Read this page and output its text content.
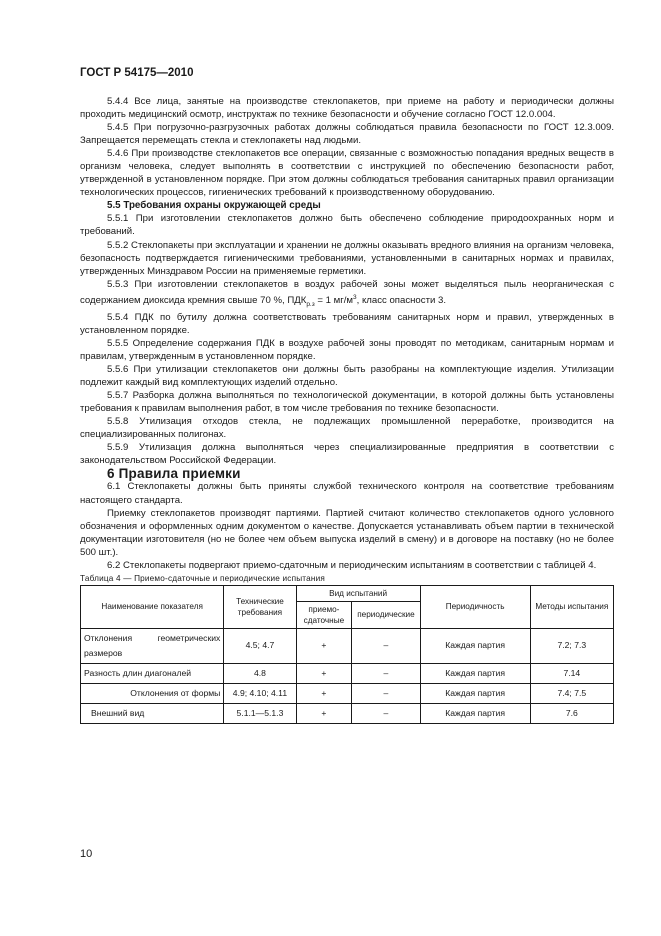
ГОСТ Р 54175—2010

5.4.4 Все лица, занятые на производстве стеклопакетов, при приеме на работу и периодически должны проходить медицинский осмотр, инструктаж по технике безопасности и обучение согласно ГОСТ 12.0.004.

5.4.5 При погрузочно-разгрузочных работах должны соблюдаться правила безопасности по ГОСТ 12.3.009. Запрещается перемещать стекла и стеклопакеты над людьми.

5.4.6 При производстве стеклопакетов все операции, связанные с возможностью попадания вредных веществ в организм человека, следует выполнять в соответствии с инструкцией по обеспечению безопасности работ, утвержденной в установленном порядке. При этом должны соблюдаться требования санитарных правил организации технологических процессов, гигиенических требований к производственному оборудованию.

5.5 Требования охраны окружающей среды

5.5.1 При изготовлении стеклопакетов должно быть обеспечено соблюдение природоохранных норм и требований.

5.5.2 Стеклопакеты при эксплуатации и хранении не должны оказывать вредного влияния на организм человека, безопасность подтверждается гигиеническими требованиями, установленными в санитарных нормах и правилах, утвержденных Минздравом России на применяемые герметики.

5.5.3 При изготовлении стеклопакетов в воздух рабочей зоны может выделяться пыль неорганическая с содержанием диоксида кремния свыше 70 %, $ПДК_{р.з} = 1$ $мг/м^3$, класс опасности 3.

5.5.4 ПДК по бутилу должна соответствовать требованиям санитарных норм и правил, утвержденных в установленном порядке.

5.5.5 Определение содержания ПДК в воздухе рабочей зоны проводят по методикам, санитарным нормам и правилам, утвержденным в установленном порядке.

5.5.6 При утилизации стеклопакетов они должны быть разобраны на комплектующие изделия. Утилизации подлежит каждый вид комплектующих изделий отдельно.

5.5.7 Разборка должна выполняться по технологической документации, в которой должны быть установлены требования к правилам выполнения работ, в том числе требования по технике безопасности.

5.5.8 Утилизация отходов стекла, не подлежащих промышленной переработке, производится на специализированных полигонах.

5.5.9 Утилизация должна выполняться через специализированные предприятия в соответствии с законодательством Российской Федерации.

6 Правила приемки

6.1 Стеклопакеты должны быть приняты службой технического контроля на соответствие требованиям настоящего стандарта.

Приемку стеклопакетов производят партиями. Партией считают количество стеклопакетов одного условного обозначения и оформленных одним документом о качестве. Допускается устанавливать объем партии в технической документации изготовителя (но не более чем объем выпуска изделий в смену) и в договоре на поставку (но не более 500 шт.).

6.2 Стеклопакеты подвергают приемо-сдаточным и периодическим испытаниям в соответствии с таблицей 4.

Таблица 4 — Приемо-сдаточные и периодические испытания

Наименование показателя	Технические требования	Вид испытаний		Периодичность	Методы испытания
		приемо-сдаточные	периодические		
Отклонения геометрических размеров	4.5; 4.7	+	–	Каждая партия	7.2; 7.3
Разность длин диагоналей	4.8	+	–	Каждая партия	7.14
Отклонения от формы	4.9; 4.10; 4.11	+	–	Каждая партия	7.4; 7.5
Внешний вид	5.1.1—5.1.3	+	–	Каждая партия	7.6
10
